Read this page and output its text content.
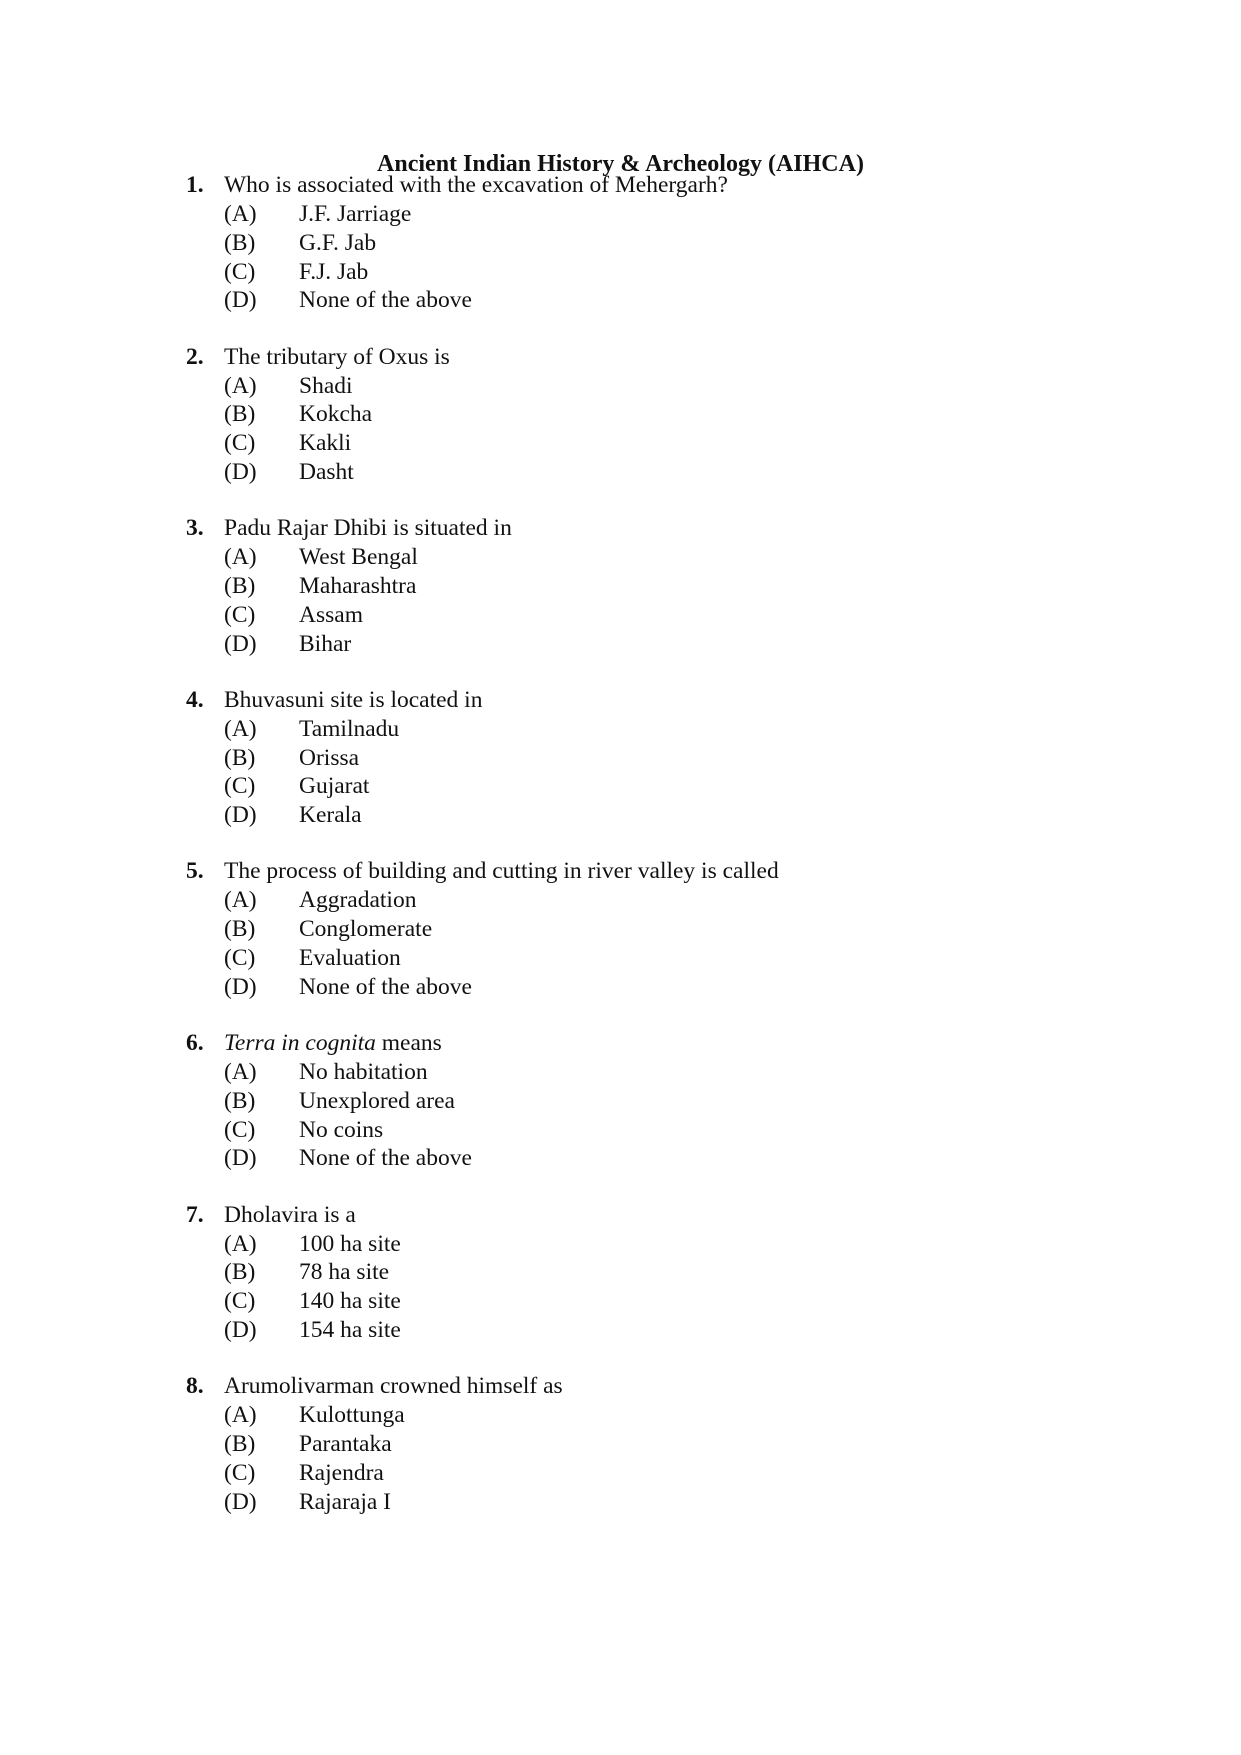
Ancient Indian History & Archeology (AIHCA)
1. Who is associated with the excavation of Mehergarh?
(A) J.F. Jarriage
(B) G.F. Jab
(C) F.J. Jab
(D) None of the above
2. The tributary of Oxus is
(A) Shadi
(B) Kokcha
(C) Kakli
(D) Dasht
3. Padu Rajar Dhibi is situated in
(A) West Bengal
(B) Maharashtra
(C) Assam
(D) Bihar
4. Bhuvasuni site is located in
(A) Tamilnadu
(B) Orissa
(C) Gujarat
(D) Kerala
5. The process of building and cutting in river valley is called
(A) Aggradation
(B) Conglomerate
(C) Evaluation
(D) None of the above
6. Terra in cognita means
(A) No habitation
(B) Unexplored area
(C) No coins
(D) None of the above
7. Dholavira is a
(A) 100 ha site
(B) 78 ha site
(C) 140 ha site
(D) 154 ha site
8. Arumolivarman crowned himself as
(A) Kulottunga
(B) Parantaka
(C) Rajendra
(D) Rajaraja I
